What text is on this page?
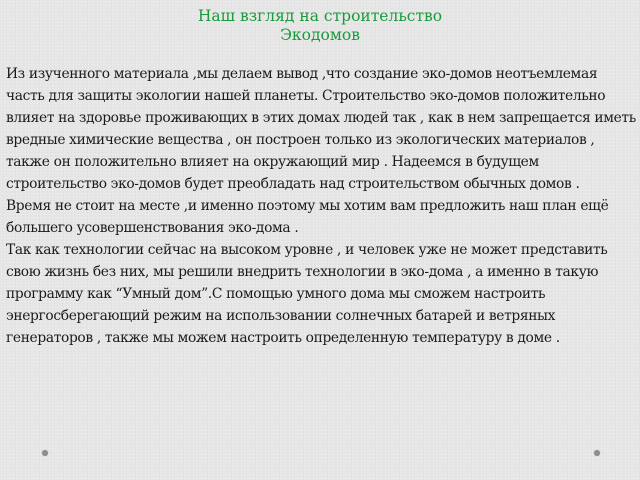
Наш взгляд на строительство
Экодомов

Из изученного материала ,мы делаем вывод ,что создание эко-домов неотъемлемая часть для защиты экологии нашей планеты. Строительство эко-домов положительно влияет на здоровье проживающих в этих домах людей так , как в нем запрещается иметь вредные химические вещества , он построен только из экологических материалов , также он положительно влияет на окружающий мир . Надеемся в будущем строительство эко-домов будет преобладать над строительством обычных домов .

Время не стоит на месте ,и именно поэтому мы хотим вам предложить наш план ещё большего усовершенствования эко-дома .

Так как технологии сейчас на высоком уровне , и человек уже не может представить свою жизнь без них, мы решили внедрить технологии в эко-дома , а именно в такую программу как “Умный дом”.С помощью умного дома мы сможем настроить энергосберегающий режим на использовании солнечных батарей и ветряных генераторов , также мы можем настроить определенную температуру в доме .
